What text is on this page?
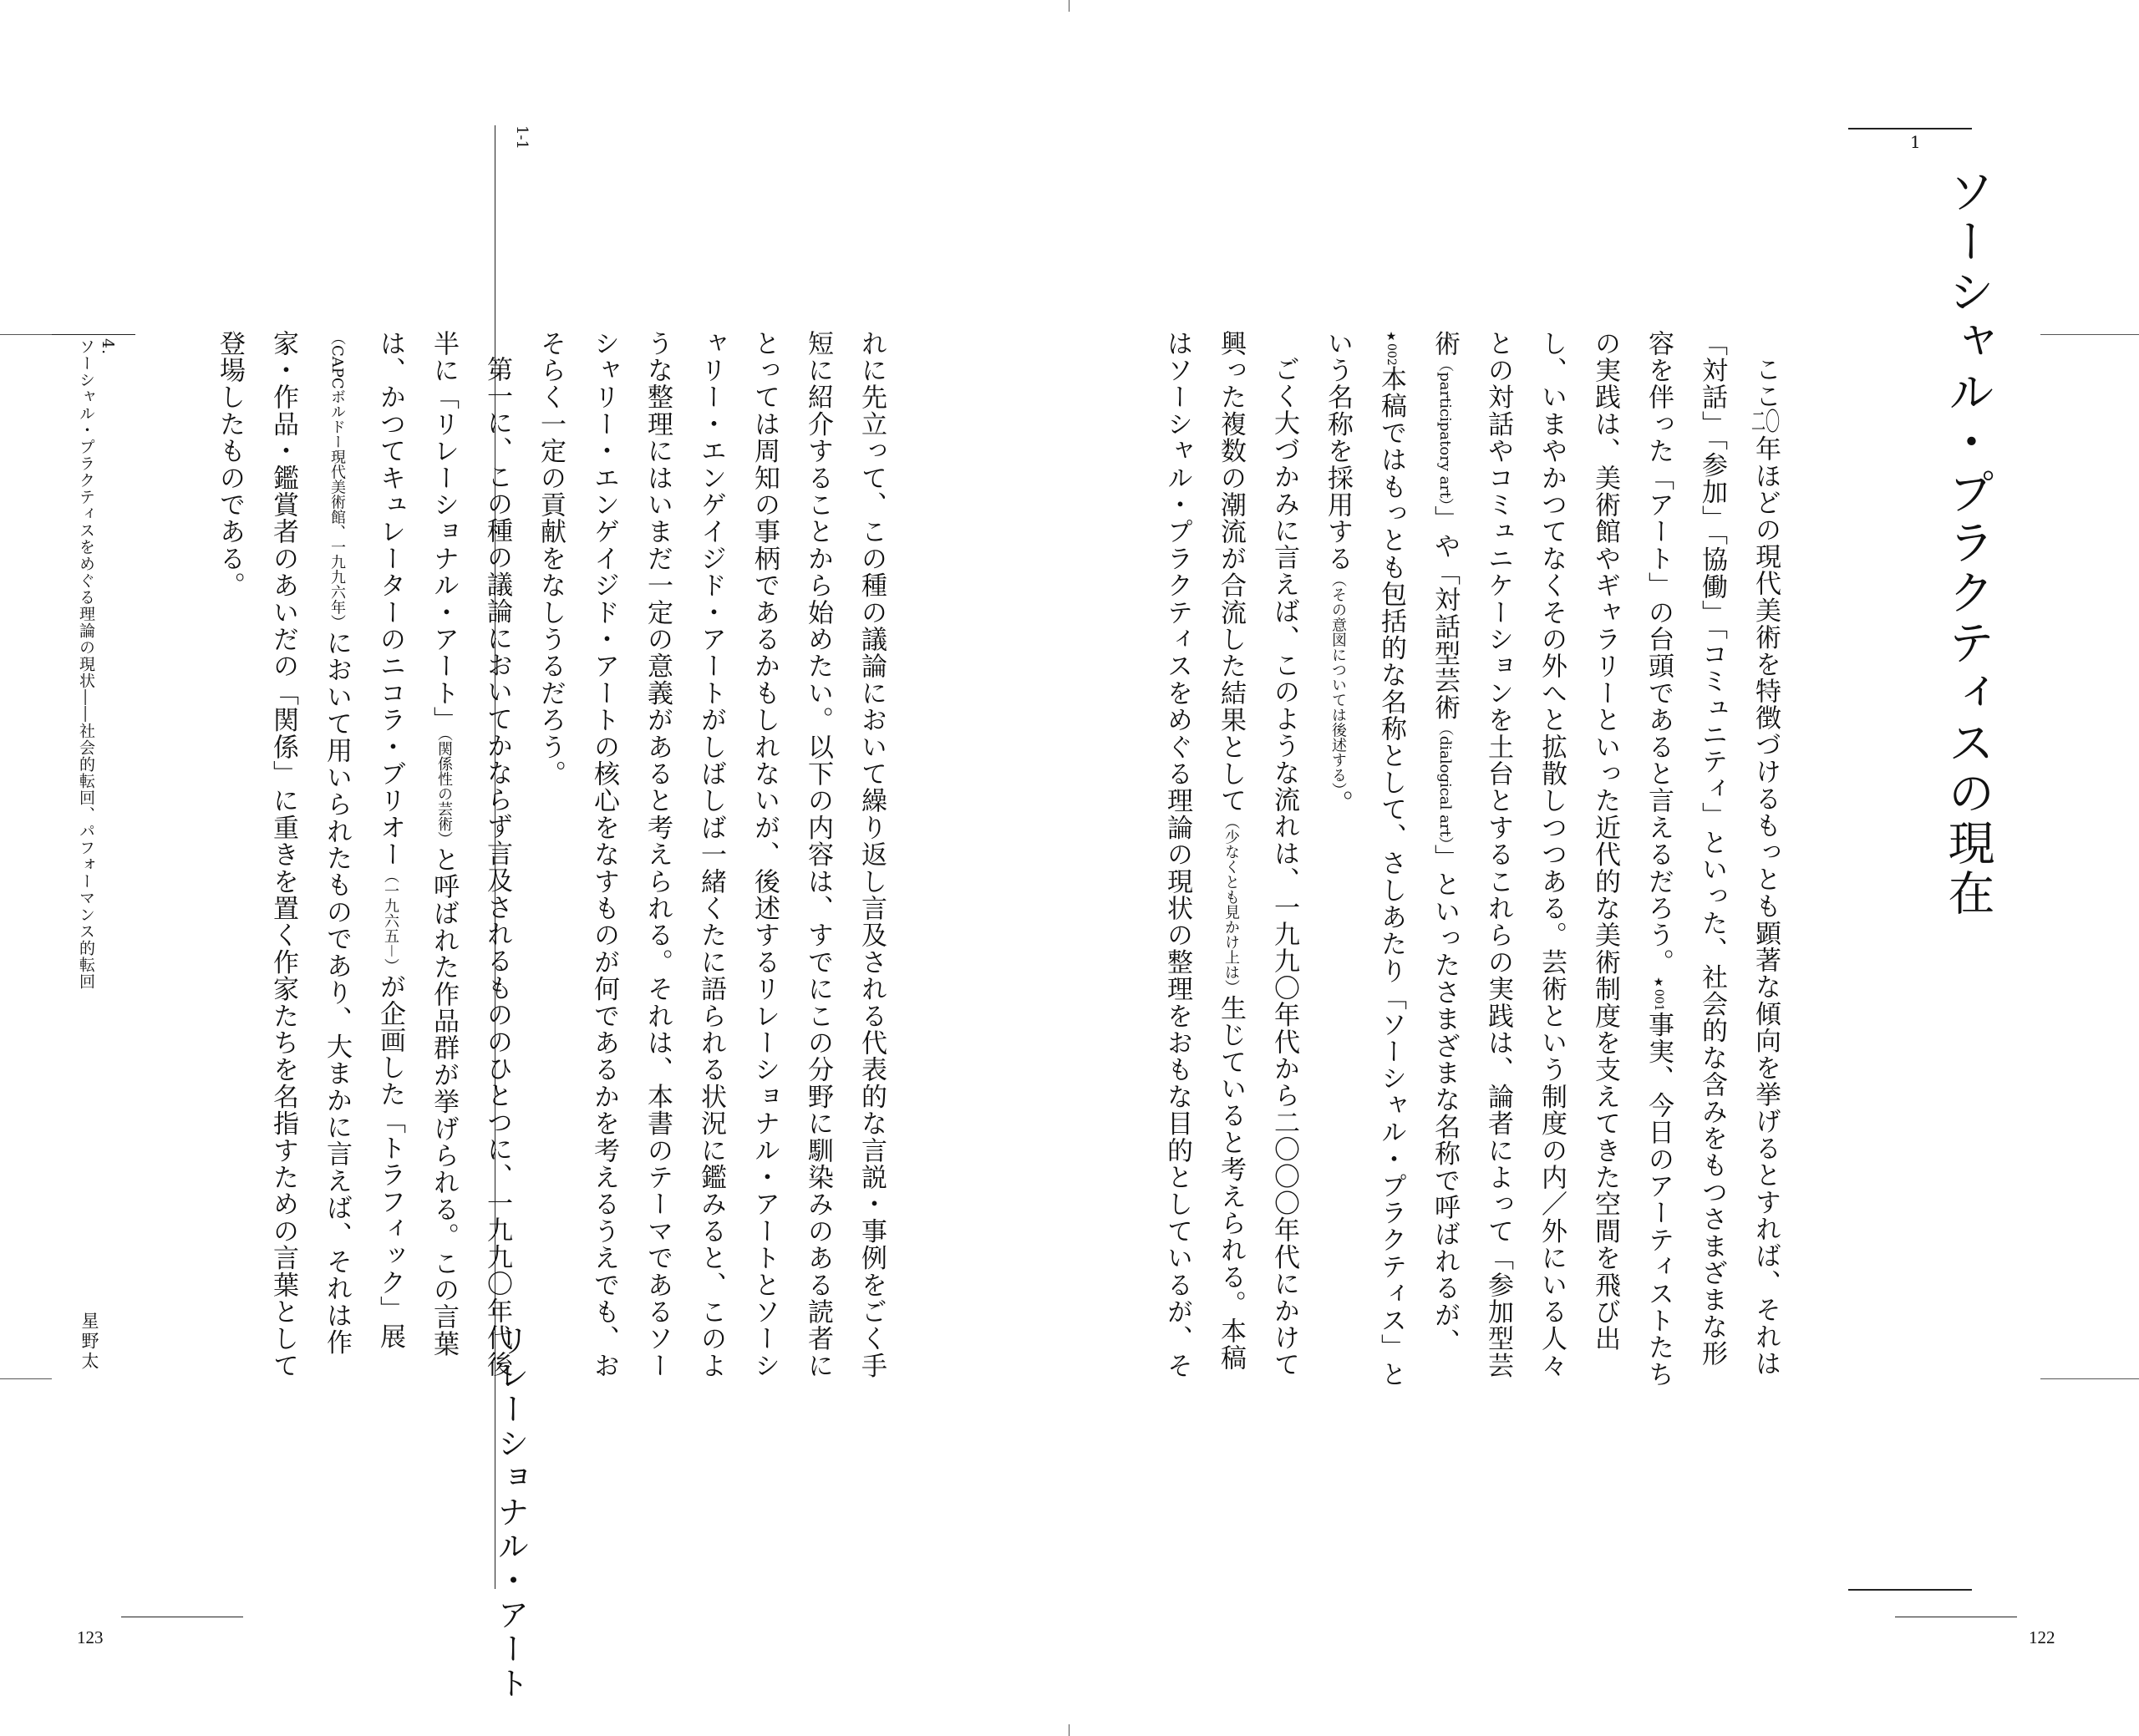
1
ソーシャル・プラクティスの現在

ここ二〇年ほどの現代美術を特徴づけるもっとも顕著な傾向を挙げるとすれば、それは「対話」「参加」「協働」「コミュニティ」といった、社会的な含みをもつさまざまな形容を伴った「アート」の台頭であると言えるだろう。$^{★001}$事実、今日のアーティストたちの実践は、美術館やギャラリーといった近代的な美術制度を支えてきた空間を飛び出し、いまやかつてなくその外へと拡散しつつある。芸術という制度の内／外にいる人々との対話やコミュニケーションを土台とするこれらの実践は、論者によって「参加型芸術（participatory art）」や「対話型芸術（dialogical art）」といったさまざまな名称で呼ばれるが、$^{★002}$本稿ではもっとも包括的な名称として、さしあたり「ソーシャル・プラクティス」という名称を採用する（その意図については後述する）。

ごく大づかみに言えば、このような流れは、一九九〇年代から二〇〇〇年代にかけて興った複数の潮流が合流した結果として（少なくとも見かけ上は）生じていると考えられる。本稿はソーシャル・プラクティスをめぐる理論の現状の整理をおもな目的としているが、そ

122
1-1
リレーショナル・アート

れに先立って、この種の議論において繰り返し言及される代表的な言説・事例をごく手短に紹介することから始めたい。以下の内容は、すでにこの分野に馴染みのある読者にとっては周知の事柄であるかもしれないが、後述するリレーショナル・アートとソーシャリー・エンゲイジド・アートがしばしば一緒くたに語られる状況に鑑みると、このような整理にはいまだ一定の意義があると考えられる。それは、本書のテーマであるソーシャリー・エンゲイジド・アートの核心をなすものが何であるかを考えるうえでも、おそらく一定の貢献をなしうるだろう。

第一に、この種の議論においてかならず言及されるもののひとつに、一九九〇年代後半に「リレーショナル・アート」（関係性の芸術）と呼ばれた作品群が挙げられる。この言葉は、かつてキュレーターのニコラ・ブリオー（一九六五－）が企画した「トラフィック」展（CAPCボルドー現代美術館、一九九六年）において用いられたものであり、大まかに言えば、それは作家・作品・鑑賞者のあいだの「関係」に重きを置く作家たちを名指すための言葉として登場したものである。

4.
ソーシャル・プラクティスをめぐる理論の現状――社会的転回、パフォーマンス的転回
星野太
123
